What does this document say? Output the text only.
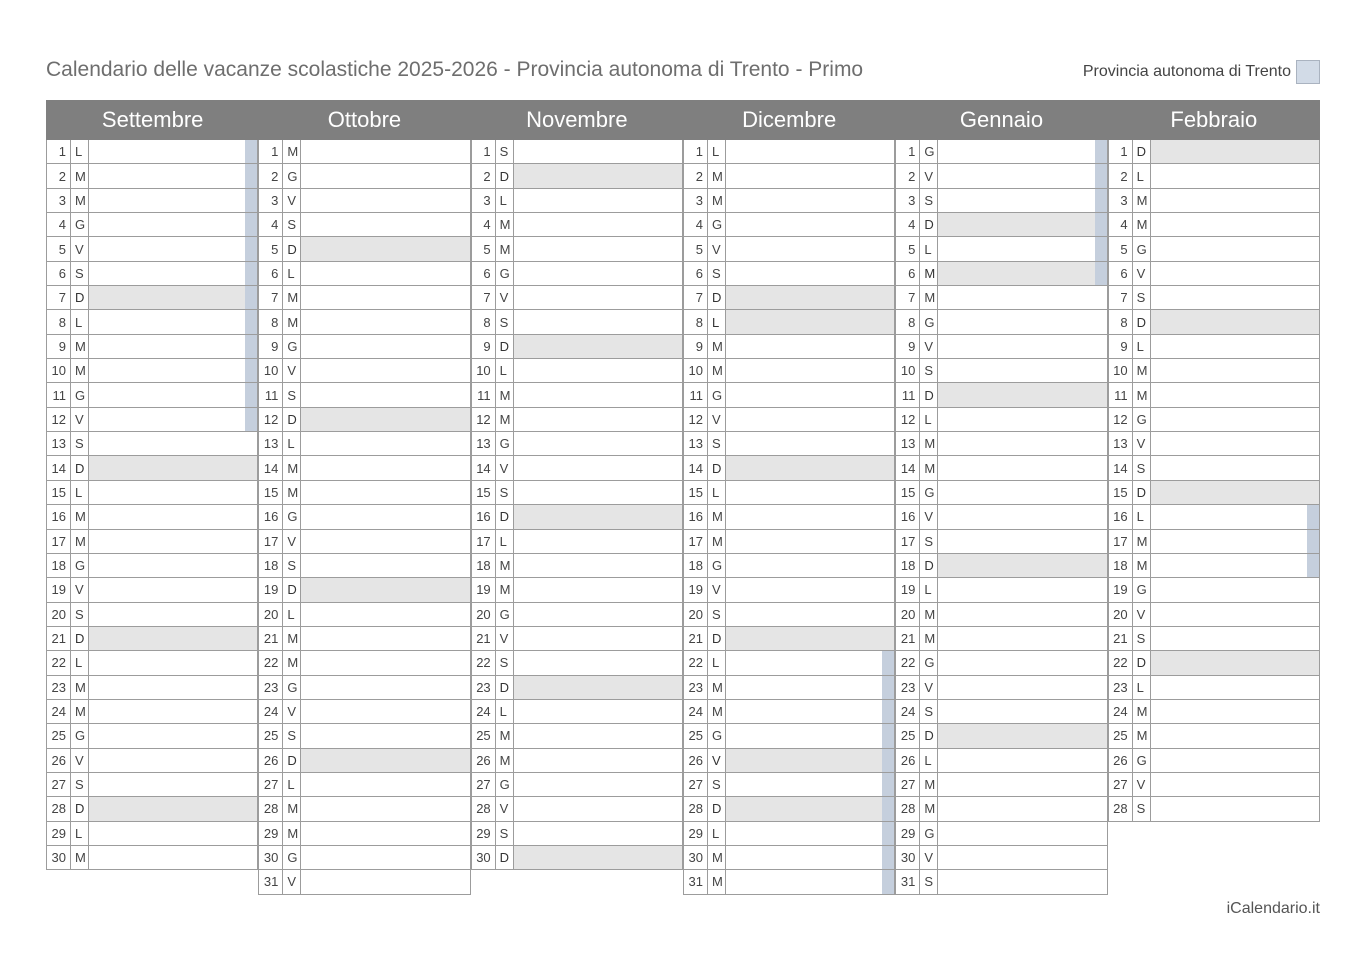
Calendario delle vacanze scolastiche 2025-2026 - Provincia autonoma di Trento - Primo	Provincia autonoma di Trento
Settembre
1 L
2 M
3 M
4 G
5 V
6 S
7 D
8 L
9 M
10 M
11 G
12 V
13 S
14 D
15 L
16 M
17 M
18 G
19 V
20 S
21 D
22 L
23 M
24 M
25 G
26 V
27 S
28 D
29 L
30 M
Ottobre
1 M
2 G
3 V
4 S
5 D
6 L
7 M
8 M
9 G
10 V
11 S
12 D
13 L
14 M
15 M
16 G
17 V
18 S
19 D
20 L
21 M
22 M
23 G
24 V
25 S
26 D
27 L
28 M
29 M
30 G
31 V
Novembre
1 S
2 D
3 L
4 M
5 M
6 G
7 V
8 S
9 D
10 L
11 M
12 M
13 G
14 V
15 S
16 D
17 L
18 M
19 M
20 G
21 V
22 S
23 D
24 L
25 M
26 M
27 G
28 V
29 S
30 D
Dicembre
1 L
2 M
3 M
4 G
5 V
6 S
7 D
8 L
9 M
10 M
11 G
12 V
13 S
14 D
15 L
16 M
17 M
18 G
19 V
20 S
21 D
22 L
23 M
24 M
25 G
26 V
27 S
28 D
29 L
30 M
31 M
Gennaio
1 G
2 V
3 S
4 D
5 L
6 M
7 M
8 G
9 V
10 S
11 D
12 L
13 M
14 M
15 G
16 V
17 S
18 D
19 L
20 M
21 M
22 G
23 V
24 S
25 D
26 L
27 M
28 M
29 G
30 V
31 S
Febbraio
1 D
2 L
3 M
4 M
5 G
6 V
7 S
8 D
9 L
10 M
11 M
12 G
13 V
14 S
15 D
16 L
17 M
18 M
19 G
20 V
21 S
22 D
23 L
24 M
25 M
26 G
27 V
28 S
iCalendario.it
